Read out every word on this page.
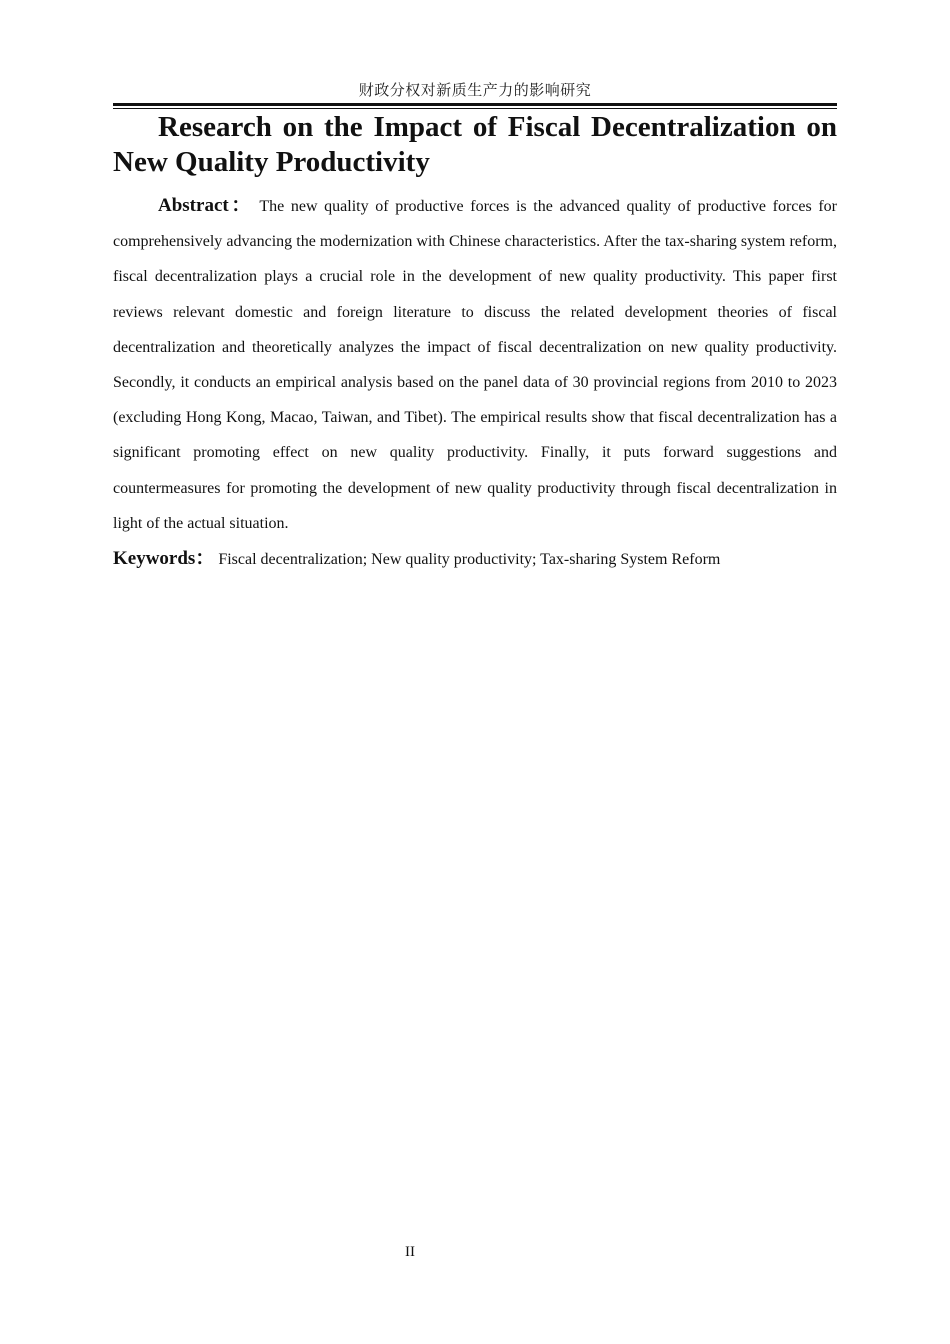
财政分权对新质生产力的影响研究
Research on the Impact of Fiscal Decentralization on New Quality Productivity

Abstract： The new quality of productive forces is the advanced quality of productive forces for comprehensively advancing the modernization with Chinese characteristics. After the tax-sharing system reform, fiscal decentralization plays a crucial role in the development of new quality productivity. This paper first reviews relevant domestic and foreign literature to discuss the related development theories of fiscal decentralization and theoretically analyzes the impact of fiscal decentralization on new quality productivity. Secondly, it conducts an empirical analysis based on the panel data of 30 provincial regions from 2010 to 2023 (excluding Hong Kong, Macao, Taiwan, and Tibet). The empirical results show that fiscal decentralization has a significant promoting effect on new quality productivity. Finally, it puts forward suggestions and countermeasures for promoting the development of new quality productivity through fiscal decentralization in light of the actual situation.

Keywords： Fiscal decentralization; New quality productivity; Tax-sharing System Reform

II
